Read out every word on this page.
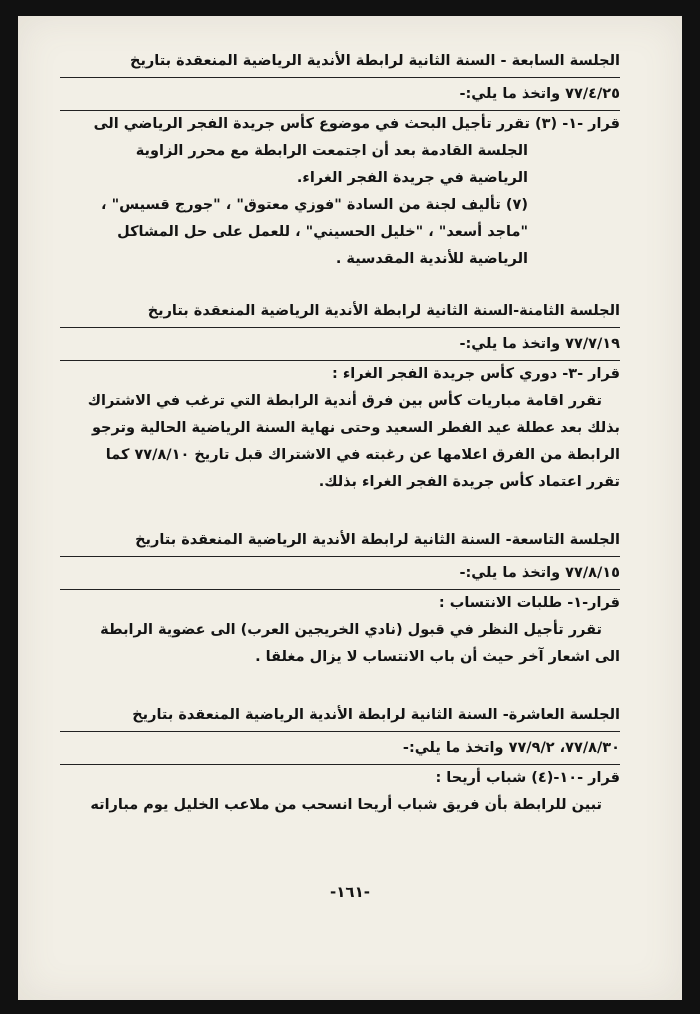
الجلسة السابعة - السنة الثانية لرابطة الأندية الرياضية المنعقدة بتاريخ
٧٧/٤/٢٥ واتخذ ما يلي:-
قرار -١- (٣) تقرر تأجيل البحث في موضوع كأس جريدة الفجر الرياضي الى
الجلسة القادمة بعد أن اجتمعت الرابطة مع محرر الزاوية
الرياضية في جريدة الفجر الغراء.
(٧) تأليف لجنة من السادة "فوزي معتوق" ، "جورج قسيس" ،
"ماجد أسعد" ، "خليل الحسيني" ، للعمل على حل المشاكل
الرياضية للأندية المقدسية .
الجلسة الثامنة-السنة الثانية لرابطة الأندية الرياضية المنعقدة بتاريخ
٧٧/٧/١٩ واتخذ ما يلي:-
قرار -٣- دوري كأس جريدة الفجر الغراء :
تقرر اقامة مباريات كأس بين فرق أندية الرابطة التي ترغب في الاشتراك
بذلك بعد عطلة عيد الفطر السعيد وحتى نهاية السنة الرياضية الحالية وترجو
الرابطة من الفرق اعلامها عن رغبته في الاشتراك قبل تاريخ ٧٧/٨/١٠ كما
تقرر اعتماد كأس جريدة الفجر الغراء بذلك.
الجلسة التاسعة- السنة الثانية لرابطة الأندية الرياضية المنعقدة بتاريخ
٧٧/٨/١٥ واتخذ ما يلي:-
قرار-١- طلبات الانتساب :
تقرر تأجيل النظر في قبول (نادي الخريجين العرب) الى عضوية الرابطة
الى اشعار آخر حيث أن باب الانتساب لا يزال مغلقا .
الجلسة العاشرة- السنة الثانية لرابطة الأندية الرياضية المنعقدة بتاريخ
٧٧/٨/٣٠، ٧٧/٩/٢ واتخذ ما يلي:-
قرار -١٠-(٤) شباب أريحا :
تبين للرابطة بأن فريق شباب أريحا انسحب من ملاعب الخليل يوم مباراته
-١٦١-
